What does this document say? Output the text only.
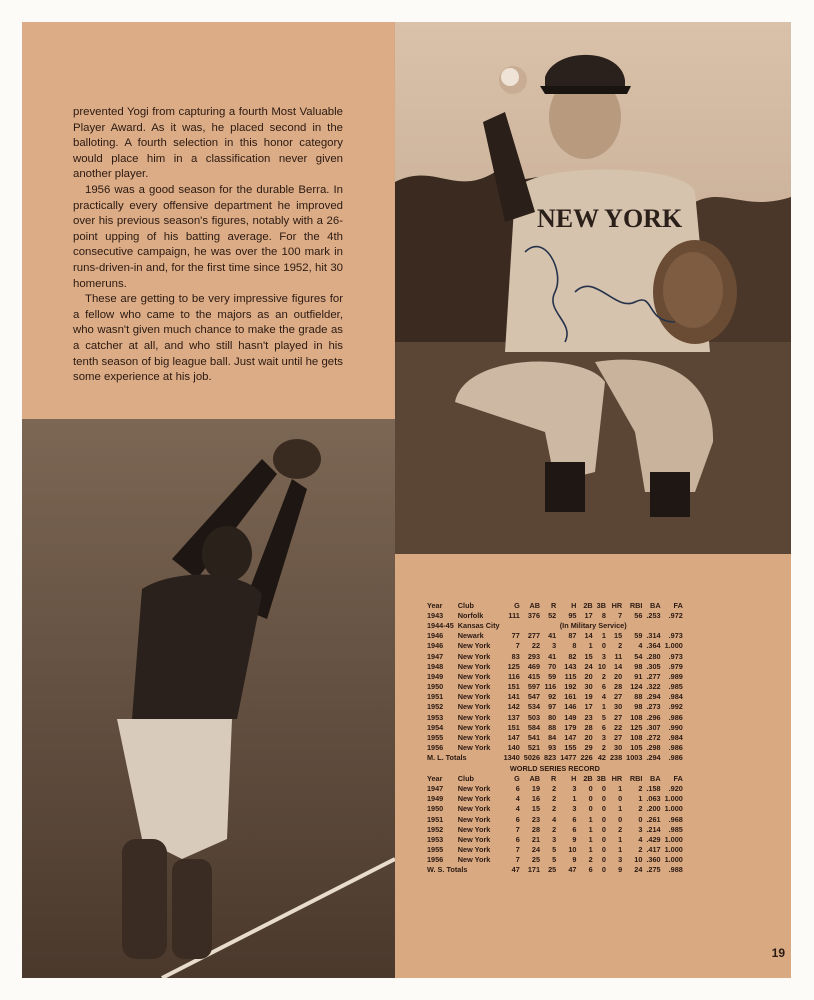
prevented Yogi from capturing a fourth Most Valuable Player Award. As it was, he placed second in the balloting. A fourth selection in this honor category would place him in a classification never given another player.

1956 was a good season for the durable Berra. In practically every offensive department he improved over his previous season's figures, notably with a 26-point upping of his batting average. For the 4th consecutive campaign, he was over the 100 mark in runs-driven-in and, for the first time since 1952, hit 30 homeruns.

These are getting to be very impressive figures for a fellow who came to the majors as an outfielder, who wasn't given much chance to make the grade as a catcher at all, and who still hasn't played in his tenth season of big league ball. Just wait until he gets some experience at his job.

NEW YORK
Year	Club	G	AB	R	H	2B	3B	HR	RBI	BA	FA
1943	Norfolk	111	376	52	95	17	8	7	56	.253	.972
1944-45	Kansas City	(In Military Service)									
1946	Newark	77	277	41	87	14	1	15	59	.314	.973
1946	New York	7	22	3	8	1	0	2	4	.364	1.000
1947	New York	83	293	41	82	15	3	11	54	.280	.973
1948	New York	125	469	70	143	24	10	14	98	.305	.979
1949	New York	116	415	59	115	20	2	20	91	.277	.989
1950	New York	151	597	116	192	30	6	28	124	.322	.985
1951	New York	141	547	92	161	19	4	27	88	.294	.984
1952	New York	142	534	97	146	17	1	30	98	.273	.992
1953	New York	137	503	80	149	23	5	27	108	.296	.986
1954	New York	151	584	88	179	28	6	22	125	.307	.990
1955	New York	147	541	84	147	20	3	27	108	.272	.984
1956	New York	140	521	93	155	29	2	30	105	.298	.986
M. L. Totals		1340	5026	823	1477	226	42	238	1003	.294	.986
WORLD SERIES RECORD											
Year	Club	G	AB	R	H	2B	3B	HR	RBI	BA	FA
1947	New York	6	19	2	3	0	0	1	2	.158	.920
1949	New York	4	16	2	1	0	0	0	1	.063	1.000
1950	New York	4	15	2	3	0	0	1	2	.200	1.000
1951	New York	6	23	4	6	1	0	0	0	.261	.968
1952	New York	7	28	2	6	1	0	2	3	.214	.985
1953	New York	6	21	3	9	1	0	1	4	.429	1.000
1955	New York	7	24	5	10	1	0	1	2	.417	1.000
1956	New York	7	25	5	9	2	0	3	10	.360	1.000
W. S. Totals		47	171	25	47	6	0	9	24	.275	.988
19
